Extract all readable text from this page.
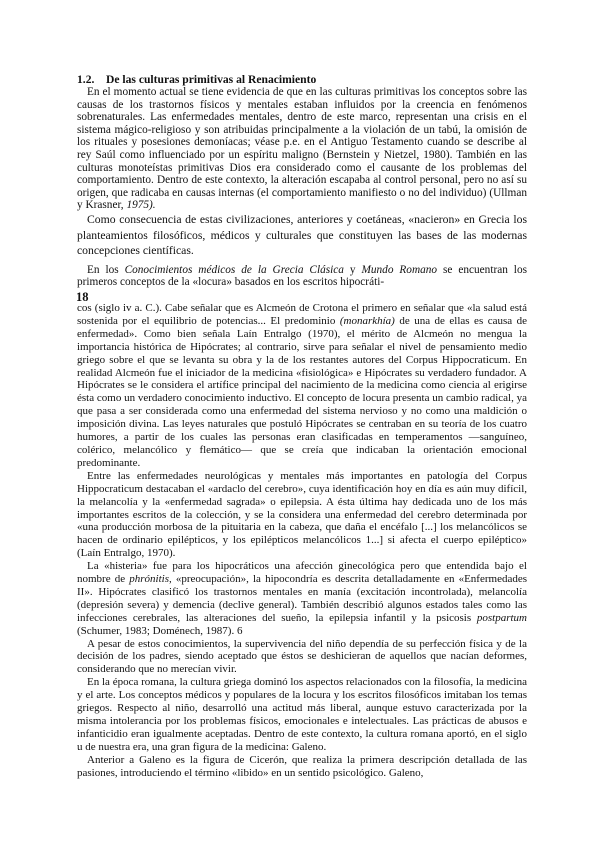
1.2. De las culturas primitivas al Renacimiento

En el momento actual se tiene evidencia de que en las culturas primitivas los conceptos sobre las causas de los trastornos físicos y mentales estaban influidos por la creencia en fenómenos sobrenaturales. Las enfermedades mentales, dentro de este marco, representan una crisis en el sistema mágico-religioso y son atribuidas principalmente a la violación de un tabú, la omisión de los rituales y posesiones demoníacas; véase p.e. en el Antiguo Testamento cuando se describe al rey Saúl como influenciado por un espíritu maligno (Bernstein y Nietzel, 1980). También en las culturas monoteístas primitivas Dios era considerado como el causante de los problemas del comportamiento. Dentro de este contexto, la alteración escapaba al control personal, pero no así su origen, que radicaba en causas internas (el comportamiento manifiesto o no del individuo) (Ullman y Krasner, 1975).

Como consecuencia de estas civilizaciones, anteriores y coetáneas, «nacieron» en Grecia los planteamientos filosóficos, médicos y culturales que constituyen las bases de las modernas concepciones científicas.

En los Conocimientos médicos de la Grecia Clásica y Mundo Romano se encuentran los primeros conceptos de la «locura» basados en los escritos hipocráti-

18

cos (siglo iv a. C.). Cabe señalar que es Alcmeón de Crotona el primero en señalar que «la salud está sostenida por el equilibrio de potencias... El predominio (monarkhía) de una de ellas es causa de enfermedad». Como bien señala Laín Entralgo (1970), el mérito de Alcmeón no mengua la importancia histórica de Hipócrates; al contrario, sirve para señalar el nivel de pensamiento medio griego sobre el que se levanta su obra y la de los restantes autores del Corpus Hippocraticum. En realidad Alcmeón fue el iniciador de la medicina «fisiológica» e Hipócrates su verdadero fundador. A Hipócrates se le considera el artífice principal del nacimiento de la medicina como ciencia al erigirse ésta como un verdadero conocimiento inductivo. El concepto de locura presenta un cambio radical, ya que pasa a ser considerada como una enfermedad del sistema nervioso y no como una maldición o imposición divina. Las leyes naturales que postuló Hipócrates se centraban en su teoría de los cuatro humores, a partir de los cuales las personas eran clasificadas en temperamentos —sanguíneo, colérico, melancólico y flemático— que se creía que indicaban la orientación emocional predominante.

Entre las enfermedades neurológicas y mentales más importantes en patología del Corpus Hippocraticum destacaban el «ardaclo del cerebro», cuya identificación hoy en día es aún muy difícil, la melancolía y la «enfermedad sagrada» o epilepsia. A ésta última hay dedicada uno de los más importantes escritos de la colección, y se la considera una enfermedad del cerebro determinada por «una producción morbosa de la pituitaria en la cabeza, que daña el encéfalo [...] los melancólicos se hacen de ordinario epilépticos, y los epilépticos melancólicos 1...] si afecta el cuerpo epiléptico» (Laín Entralgo, 1970).

La «histeria» fue para los hipocráticos una afección ginecológica pero que entendida bajo el nombre de phrónitis, «preocupación», la hipocondría es descrita detalladamente en «Enfermedades II». Hipócrates clasificó los trastornos mentales en manía (excitación incontrolada), melancolía (depresión severa) y demencia (declive general). También describió algunos estados tales como las infecciones cerebrales, las alteraciones del sueño, la epilepsia infantil y la psicosis postpartum (Schumer, 1983; Doménech, 1987). 6

A pesar de estos conocimientos, la supervivencia del niño dependía de su perfección física y de la decisión de los padres, siendo aceptado que éstos se deshicieran de aquellos que nacían deformes, considerando que no merecían vivir.

En la época romana, la cultura griega dominó los aspectos relacionados con la filosofía, la medicina y el arte. Los conceptos médicos y populares de la locura y los escritos filosóficos imitaban los temas griegos. Respecto al niño, desarrolló una actitud más liberal, aunque estuvo caracterizada por la misma intolerancia por los problemas físicos, emocionales e intelectuales. Las prácticas de abusos e infanticidio eran igualmente aceptadas. Dentro de este contexto, la cultura romana aportó, en el siglo u de nuestra era, una gran figura de la medicina: Galeno.

Anterior a Galeno es la figura de Cicerón, que realiza la primera descripción detallada de las pasiones, introduciendo el término «libido» en un sentido psicológico. Galeno,
